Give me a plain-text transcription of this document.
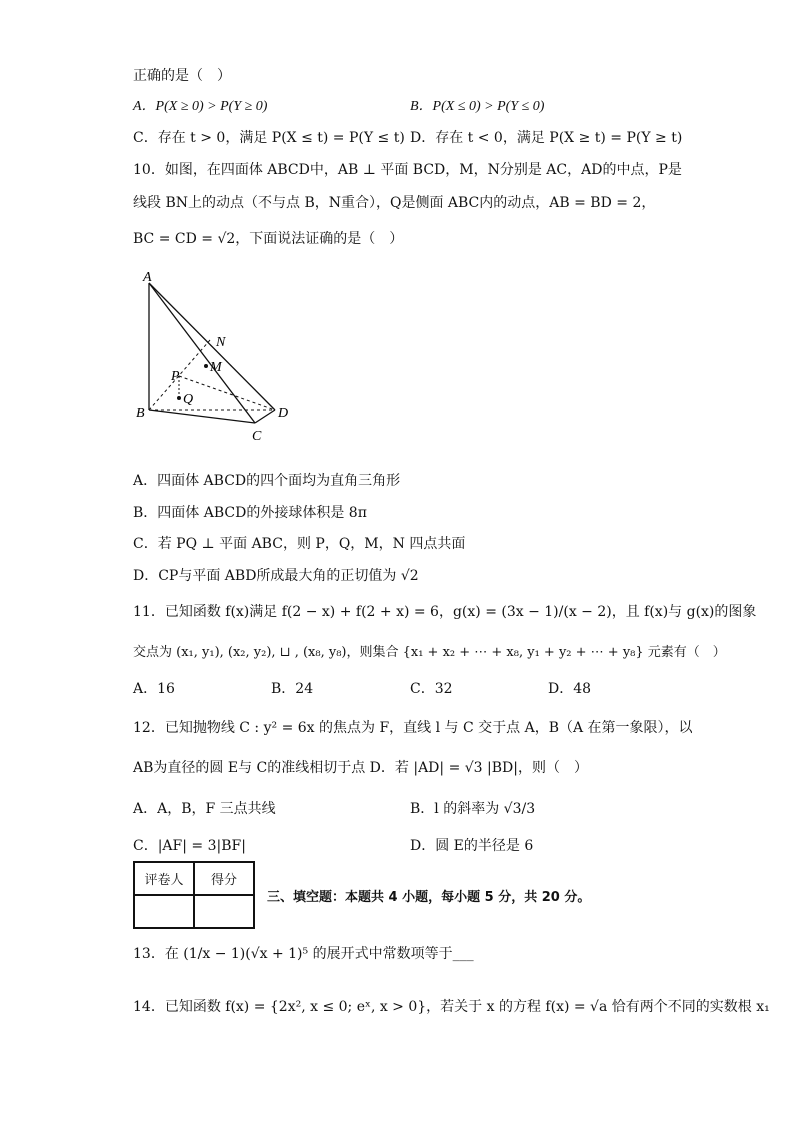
正确的是（　）
A．P(X ≥ 0) > P(Y ≥ 0)	B．P(X ≤ 0) > P(Y ≤ 0)
C．存在 t > 0，满足 P(X ≤ t) = P(Y ≤ t) D．存在 t < 0，满足 P(X ≥ t) = P(Y ≥ t)
10．如图，在四面体 ABCD中，AB ⊥ 平面 BCD，M，N分别是 AC，AD的中点，P是
线段 BN上的动点（不与点 B，N重合），Q是侧面 ABC内的动点，AB = BD = 2，
BC = CD = √2，下面说法证确的是（　）
A
B
C
D
N
M
P
Q
A．四面体 ABCD的四个面均为直角三角形
B．四面体 ABCD的外接球体积是 8π
C．若 PQ ⊥ 平面 ABC，则 P，Q，M，N 四点共面
D．CP与平面 ABD所成最大角的正切值为 √2
11．已知函数 f(x)满足 f(2 − x) + f(2 + x) = 6，g(x) = (3x − 1)/(x − 2)，且 f(x)与 g(x)的图象
交点为 (x₁, y₁), (x₂, y₂), ⊔ , (x₈, y₈)，则集合 {x₁ + x₂ + ⋯ + x₈, y₁ + y₂ + ⋯ + y₈} 元素有（　）
A．16	B．24	C．32	D．48
12．已知抛物线 C : y² = 6x 的焦点为 F，直线 l 与 C 交于点 A，B（A 在第一象限），以
AB为直径的圆 E与 C的准线相切于点 D．若 |AD| = √3 |BD|，则（　）
A．A，B，F 三点共线	B．l 的斜率为 √3/3
C．|AF| = 3|BF|	D．圆 E的半径是 6
评卷人	得分

三、填空题：本题共 4 小题，每小题 5 分，共 20 分。
13．在 (1/x − 1)(√x + 1)⁵ 的展开式中常数项等于___
14．已知函数 f(x) = {2x², x ≤ 0; eˣ, x > 0}，若关于 x 的方程 f(x) = √a 恰有两个不同的实数根 x₁
